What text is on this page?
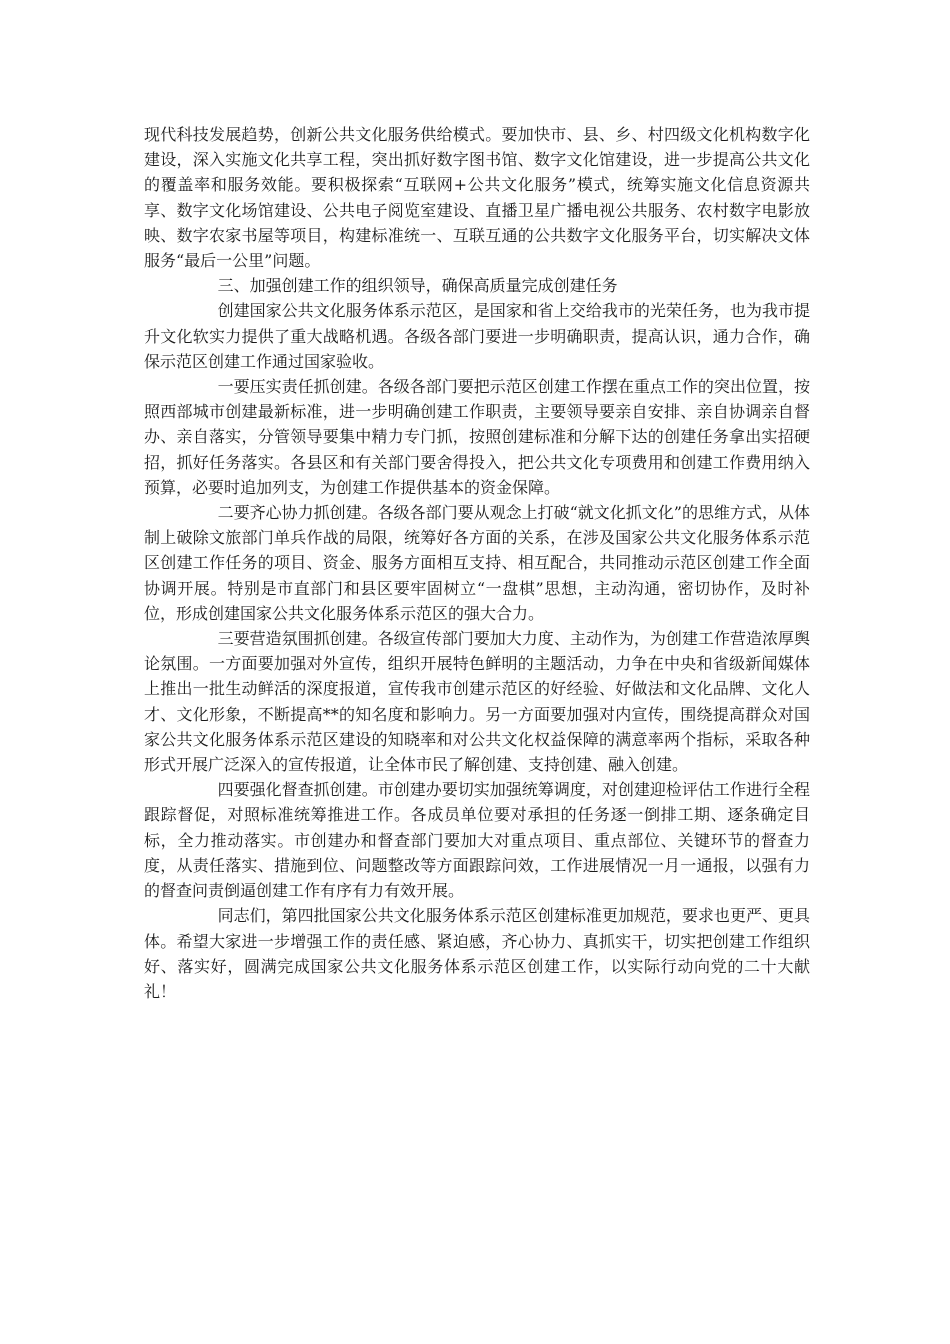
现代科技发展趋势，创新公共文化服务供给模式。要加快市、县、乡、村四级文化机构数字化建设，深入实施文化共享工程，突出抓好数字图书馆、数字文化馆建设，进一步提高公共文化的覆盖率和服务效能。要积极探索“互联网+公共文化服务”模式，统筹实施文化信息资源共享、数字文化场馆建设、公共电子阅览室建设、直播卫星广播电视公共服务、农村数字电影放映、数字农家书屋等项目，构建标准统一、互联互通的公共数字文化服务平台，切实解决文体服务“最后一公里”问题。

三、加强创建工作的组织领导，确保高质量完成创建任务

创建国家公共文化服务体系示范区，是国家和省上交给我市的光荣任务，也为我市提升文化软实力提供了重大战略机遇。各级各部门要进一步明确职责，提高认识，通力合作，确保示范区创建工作通过国家验收。

一要压实责任抓创建。各级各部门要把示范区创建工作摆在重点工作的突出位置，按照西部城市创建最新标准，进一步明确创建工作职责，主要领导要亲自安排、亲自协调亲自督办、亲自落实，分管领导要集中精力专门抓，按照创建标准和分解下达的创建任务拿出实招硬招，抓好任务落实。各县区和有关部门要舍得投入，把公共文化专项费用和创建工作费用纳入预算，必要时追加列支，为创建工作提供基本的资金保障。

二要齐心协力抓创建。各级各部门要从观念上打破“就文化抓文化”的思维方式，从体制上破除文旅部门单兵作战的局限，统筹好各方面的关系，在涉及国家公共文化服务体系示范区创建工作任务的项目、资金、服务方面相互支持、相互配合，共同推动示范区创建工作全面协调开展。特别是市直部门和县区要牢固树立“一盘棋”思想，主动沟通，密切协作，及时补位，形成创建国家公共文化服务体系示范区的强大合力。

三要营造氛围抓创建。各级宣传部门要加大力度、主动作为，为创建工作营造浓厚舆论氛围。一方面要加强对外宣传，组织开展特色鲜明的主题活动，力争在中央和省级新闻媒体上推出一批生动鲜活的深度报道，宣传我市创建示范区的好经验、好做法和文化品牌、文化人才、文化形象，不断提高**的知名度和影响力。另一方面要加强对内宣传，围绕提高群众对国家公共文化服务体系示范区建设的知晓率和对公共文化权益保障的满意率两个指标，采取各种形式开展广泛深入的宣传报道，让全体市民了解创建、支持创建、融入创建。

四要强化督查抓创建。市创建办要切实加强统筹调度，对创建迎检评估工作进行全程跟踪督促，对照标准统筹推进工作。各成员单位要对承担的任务逐一倒排工期、逐条确定目标，全力推动落实。市创建办和督查部门要加大对重点项目、重点部位、关键环节的督查力度，从责任落实、措施到位、问题整改等方面跟踪问效，工作进展情况一月一通报，以强有力的督查问责倒逼创建工作有序有力有效开展。

同志们，第四批国家公共文化服务体系示范区创建标准更加规范，要求也更严、更具体。希望大家进一步增强工作的责任感、紧迫感，齐心协力、真抓实干，切实把创建工作组织好、落实好，圆满完成国家公共文化服务体系示范区创建工作，以实际行动向党的二十大献礼！
